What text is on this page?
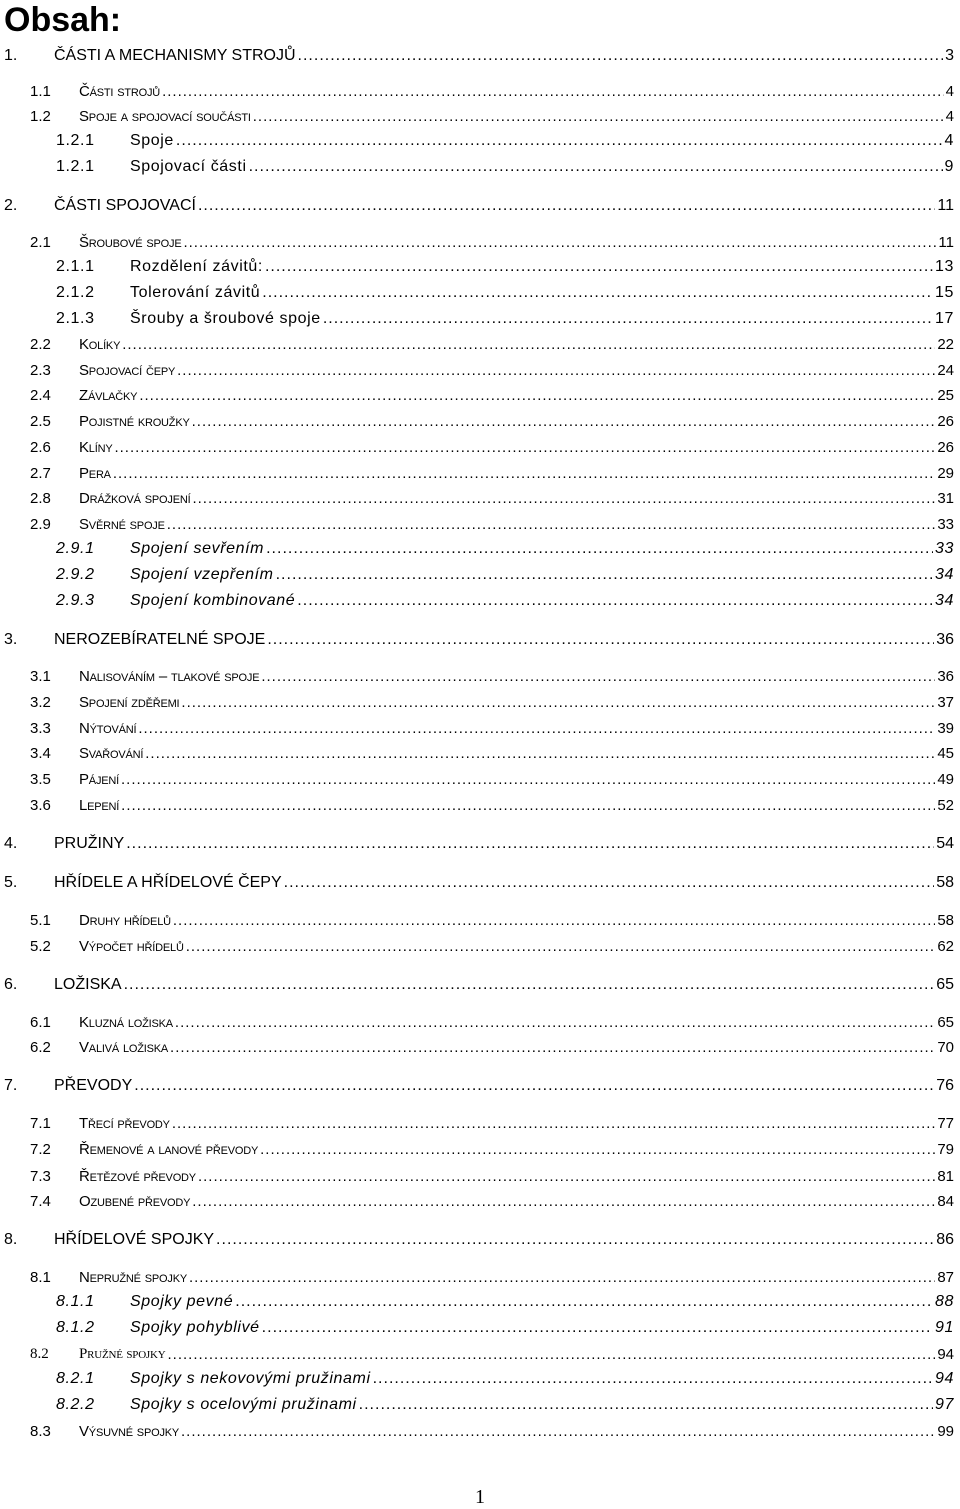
Obsah:
1. ČÁSTI A MECHANISMY STROJŮ .....	3
1.1 Části strojů .....	4
1.2 Spoje a spojovací součásti .....	4
1.2.1 Spoje .....	4
1.2.1 Spojovací části .....	9
2. ČÁSTI SPOJOVACÍ .....	11
2.1 Šroubové spoje .....	11
2.1.1 Rozdělení závitů: .....	13
2.1.2 Tolerování závitů .....	15
2.1.3 Šrouby a šroubové spoje .....	17
2.2 Kolíky .....	22
2.3 Spojovací čepy .....	24
2.4 Závlačky .....	25
2.5 Pojistné kroužky .....	26
2.6 Klíny .....	26
2.7 Pera .....	29
2.8 Drážková spojení .....	31
2.9 Svěrné spoje .....	33
2.9.1 Spojení sevřením .....	33
2.9.2 Spojení vzepřením .....	34
2.9.3 Spojení kombinované .....	34
3. NEROZEBÍRATELNÉ SPOJE .....	36
3.1 Nalisováním – tlakové spoje .....	36
3.2 Spojení zděřemi .....	37
3.3 Nýtování .....	39
3.4 Svařování .....	45
3.5 Pájení .....	49
3.6 Lepení .....	52
4. PRUŽINY .....	54
5. HŘÍDELE A HŘÍDELOVÉ ČEPY .....	58
5.1 Druhy hřídelů .....	58
5.2 Výpočet hřídelů .....	62
6. LOŽISKA .....	65
6.1 Kluzná ložiska .....	65
6.2 Valivá ložiska .....	70
7. PŘEVODY .....	76
7.1 Třecí převody .....	77
7.2 Řemenové a lanové převody .....	79
7.3 Řetězové převody .....	81
7.4 Ozubené převody .....	84
8. HŘÍDELOVÉ SPOJKY .....	86
8.1 Nepružné spojky .....	87
8.1.1 Spojky pevné .....	88
8.1.2 Spojky pohyblivé .....	91
8.2 Pružné spojky .....	94
8.2.1 Spojky s nekovovými pružinami .....	94
8.2.2 Spojky s ocelovými pružinami .....	97
8.3 Výsuvné spojky .....	99
1
